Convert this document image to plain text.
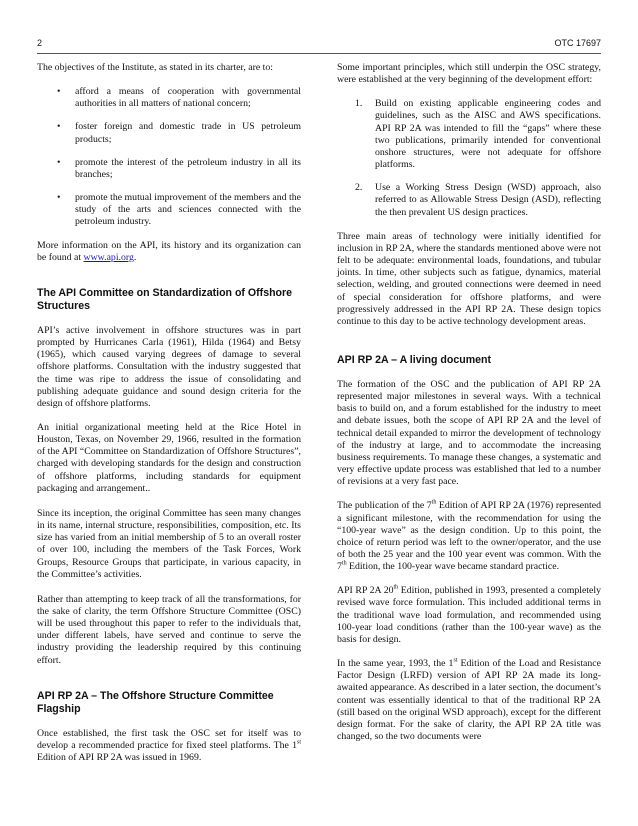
2	OTC 17697

The objectives of the Institute, as stated in its charter, are to:

• afford a means of cooperation with governmental authorities in all matters of national concern;
• foster foreign and domestic trade in US petroleum products;
• promote the interest of the petroleum industry in all its branches;
• promote the mutual improvement of the members and the study of the arts and sciences connected with the petroleum industry.

More information on the API, its history and its organization can be found at www.api.org.

The API Committee on Standardization of Offshore Structures

API’s active involvement in offshore structures was in part prompted by Hurricanes Carla (1961), Hilda (1964) and Betsy (1965), which caused varying degrees of damage to several offshore platforms. Consultation with the industry suggested that the time was ripe to address the issue of consolidating and publishing adequate guidance and sound design criteria for the design of offshore platforms.

An initial organizational meeting held at the Rice Hotel in Houston, Texas, on November 29, 1966, resulted in the formation of the API “Committee on Standardization of Offshore Structures”, charged with developing standards for the design and construction of offshore platforms, including standards for equipment packaging and arrangement..

Since its inception, the original Committee has seen many changes in its name, internal structure, responsibilities, composition, etc. Its size has varied from an initial membership of 5 to an overall roster of over 100, including the members of the Task Forces, Work Groups, Resource Groups that participate, in various capacity, in the Committee’s activities.

Rather than attempting to keep track of all the transformations, for the sake of clarity, the term Offshore Structure Committee (OSC) will be used throughout this paper to refer to the individuals that, under different labels, have served and continue to serve the industry providing the leadership required by this continuing effort.

API RP 2A – The Offshore Structure Committee Flagship

Once established, the first task the OSC set for itself was to develop a recommended practice for fixed steel platforms. The 1st Edition of API RP 2A was issued in 1969.

Some important principles, which still underpin the OSC strategy, were established at the very beginning of the development effort:

1. Build on existing applicable engineering codes and guidelines, such as the AISC and AWS specifications. API RP 2A was intended to fill the “gaps” where these two publications, primarily intended for conventional onshore structures, were not adequate for offshore platforms.
2. Use a Working Stress Design (WSD) approach, also referred to as Allowable Stress Design (ASD), reflecting the then prevalent US design practices.

Three main areas of technology were initially identified for inclusion in RP 2A, where the standards mentioned above were not felt to be adequate: environmental loads, foundations, and tubular joints. In time, other subjects such as fatigue, dynamics, material selection, welding, and grouted connections were deemed in need of special consideration for offshore platforms, and were progressively addressed in the API RP 2A. These design topics continue to this day to be active technology development areas.

API RP 2A – A living document

The formation of the OSC and the publication of API RP 2A represented major milestones in several ways. With a technical basis to build on, and a forum established for the industry to meet and debate issues, both the scope of API RP 2A and the level of technical detail expanded to mirror the development of technology of the industry at large, and to accommodate the increasing business requirements. To manage these changes, a systematic and very effective update process was established that led to a number of revisions at a very fast pace.

The publication of the 7th Edition of API RP 2A (1976) represented a significant milestone, with the recommendation for using the “100-year wave” as the design condition. Up to this point, the choice of return period was left to the owner/operator, and the use of both the 25 year and the 100 year event was common. With the 7th Edition, the 100-year wave became standard practice.

API RP 2A 20th Edition, published in 1993, presented a completely revised wave force formulation. This included additional terms in the traditional wave load formulation, and recommended using 100-year load conditions (rather than the 100-year wave) as the basis for design.

In the same year, 1993, the 1st Edition of the Load and Resistance Factor Design (LRFD) version of API RP 2A made its long-awaited appearance. As described in a later section, the document’s content was essentially identical to that of the traditional RP 2A (still based on the original WSD approach), except for the different design format. For the sake of clarity, the API RP 2A title was changed, so the two documents were
